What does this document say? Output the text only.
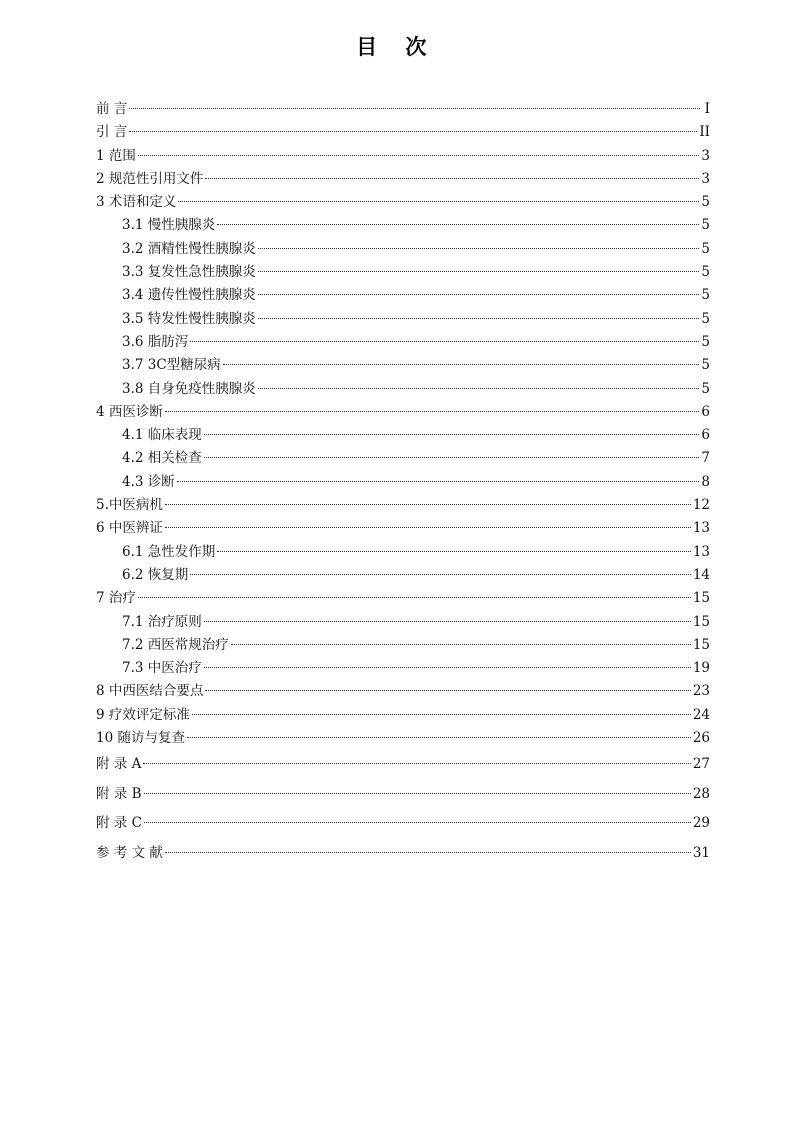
目 次
前 言	I
引 言	II
1 范围	3
2 规范性引用文件	3
3 术语和定义	5
3.1 慢性胰腺炎	5
3.2 酒精性慢性胰腺炎	5
3.3 复发性急性胰腺炎	5
3.4 遗传性慢性胰腺炎	5
3.5 特发性慢性胰腺炎	5
3.6 脂肪泻	5
3.7 3C型糖尿病	5
3.8 自身免疫性胰腺炎	5
4 西医诊断	6
4.1 临床表现	6
4.2 相关检查	7
4.3 诊断	8
5.中医病机	12
6 中医辨证	13
6.1 急性发作期	13
6.2 恢复期	14
7 治疗	15
7.1 治疗原则	15
7.2 西医常规治疗	15
7.3 中医治疗	19
8 中西医结合要点	23
9 疗效评定标准	24
10 随访与复查	26
附 录 A	27
附 录 B	28
附 录 C	29
参 考 文 献	31
